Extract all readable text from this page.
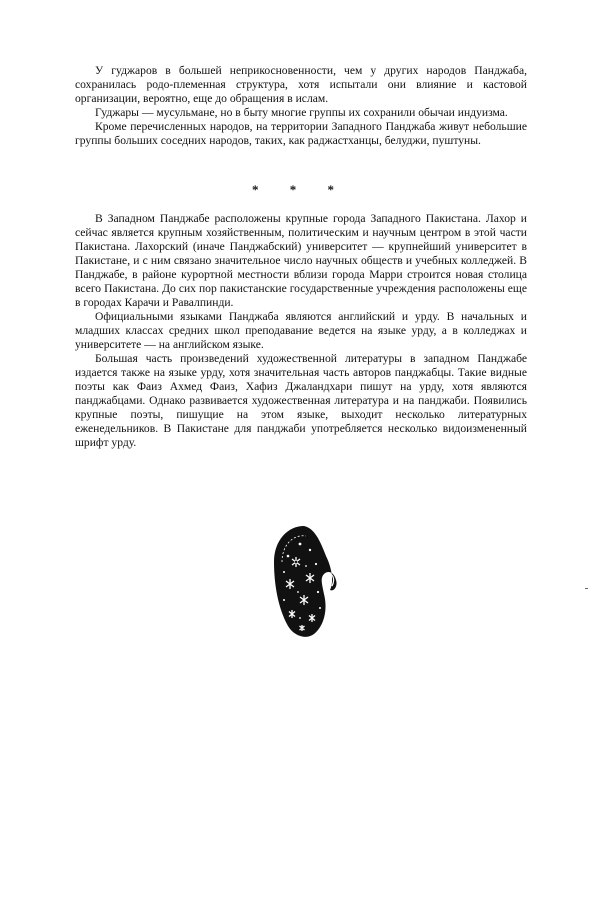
У гуджаров в большей неприкосновенности, чем у других народов Панджаба, сохранилась родо-племенная структура, хотя испытали они влияние и кастовой организации, вероятно, еще до обращения в ислам.

Гуджары — мусульмане, но в быту многие группы их сохранили обычаи индуизма.

Кроме перечисленных народов, на территории Западного Панджаба живут небольшие группы больших соседних народов, таких, как раджастханцы, белуджи, пуштуны.

* * *

В Западном Панджабе расположены крупные города Западного Пакистана. Лахор и сейчас является крупным хозяйственным, политическим и научным центром в этой части Пакистана. Лахорский (иначе Панджабский) университет — крупнейший университет в Пакистане, и с ним связано значительное число научных обществ и учебных колледжей. В Панджабе, в районе курортной местности вблизи города Марри строится новая столица всего Пакистана. До сих пор пакистанские государственные учреждения расположены еще в городах Карачи и Равалпинди.

Официальными языками Панджаба являются английский и урду. В начальных и младших классах средних школ преподавание ведется на языке урду, а в колледжах и университете — на английском языке.

Большая часть произведений художественной литературы в западном Панджабе издается также на языке урду, хотя значительная часть авторов панджабцы. Такие видные поэты как Фаиз Ахмед Фаиз, Хафиз Джаландхари пишут на урду, хотя являются панджабцами. Однако развивается художественная литература и на панджаби. Появились крупные поэты, пишущие на этом языке, выходит несколько литературных еженедельников. В Пакистане для панджаби употребляется несколько видоизмененный шрифт урду.
